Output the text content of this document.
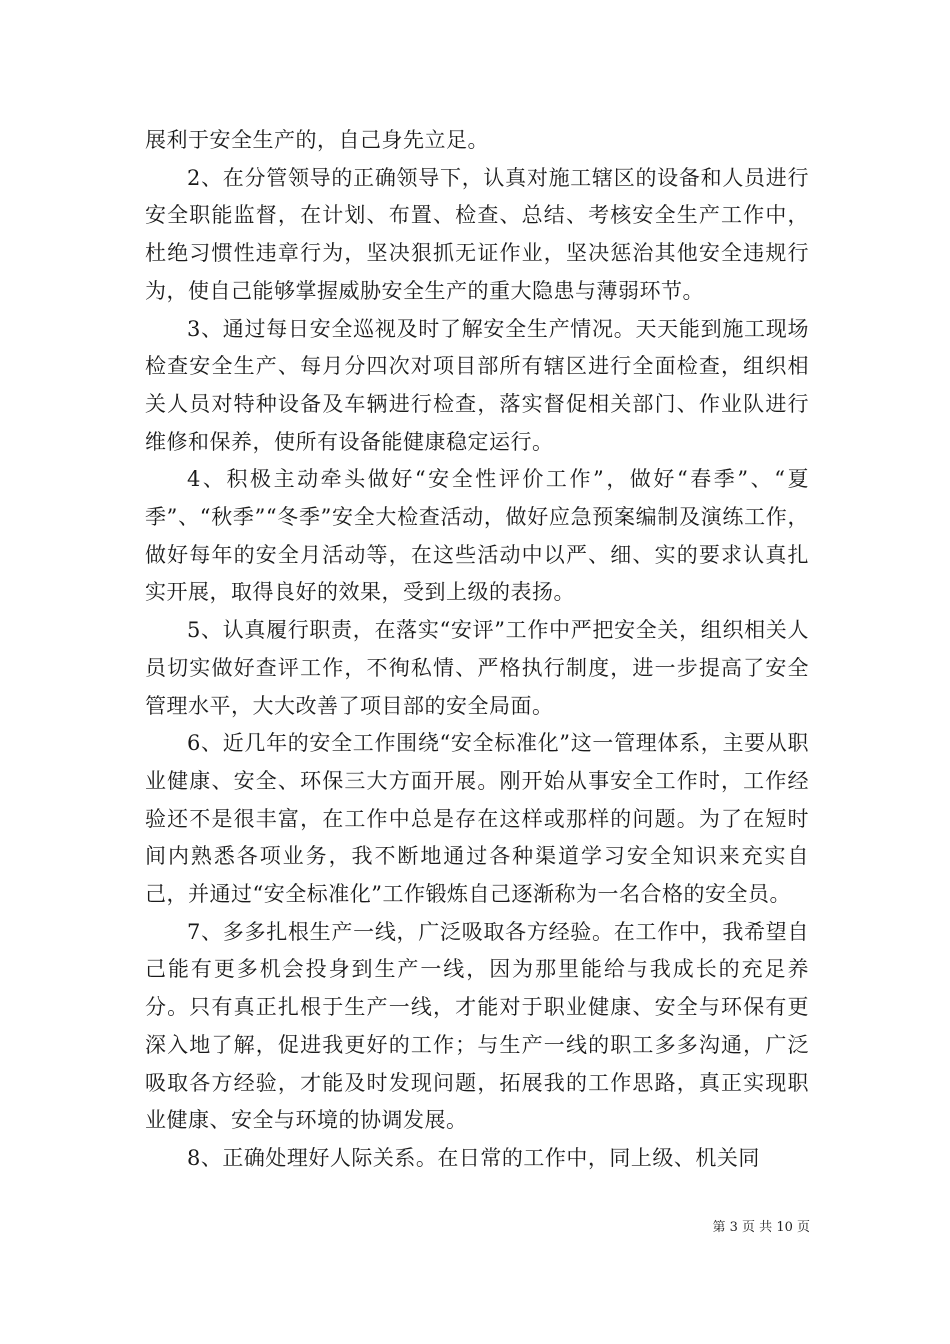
展利于安全生产的，自己身先立足。

2、在分管领导的正确领导下，认真对施工辖区的设备和人员进行安全职能监督，在计划、布置、检查、总结、考核安全生产工作中，杜绝习惯性违章行为，坚决狠抓无证作业，坚决惩治其他安全违规行为，使自己能够掌握威胁安全生产的重大隐患与薄弱环节。

3、通过每日安全巡视及时了解安全生产情况。天天能到施工现场检查安全生产、每月分四次对项目部所有辖区进行全面检查，组织相关人员对特种设备及车辆进行检查，落实督促相关部门、作业队进行维修和保养，使所有设备能健康稳定运行。

4、积极主动牵头做好“安全性评价工作”，做好“春季”、“夏季”、“秋季”“冬季”安全大检查活动，做好应急预案编制及演练工作，做好每年的安全月活动等，在这些活动中以严、细、实的要求认真扎实开展，取得良好的效果，受到上级的表扬。

5、认真履行职责，在落实“安评”工作中严把安全关，组织相关人员切实做好查评工作，不徇私情、严格执行制度，进一步提高了安全管理水平，大大改善了项目部的安全局面。

6、近几年的安全工作围绕“安全标准化”这一管理体系，主要从职业健康、安全、环保三大方面开展。刚开始从事安全工作时，工作经验还不是很丰富，在工作中总是存在这样或那样的问题。为了在短时间内熟悉各项业务，我不断地通过各种渠道学习安全知识来充实自己，并通过“安全标准化”工作锻炼自己逐渐称为一名合格的安全员。

7、多多扎根生产一线，广泛吸取各方经验。在工作中，我希望自己能有更多机会投身到生产一线，因为那里能给与我成长的充足养分。只有真正扎根于生产一线，才能对于职业健康、安全与环保有更深入地了解，促进我更好的工作；与生产一线的职工多多沟通，广泛吸取各方经验，才能及时发现问题，拓展我的工作思路，真正实现职业健康、安全与环境的协调发展。

8、正确处理好人际关系。在日常的工作中，同上级、机关同

第 3 页 共 10 页
